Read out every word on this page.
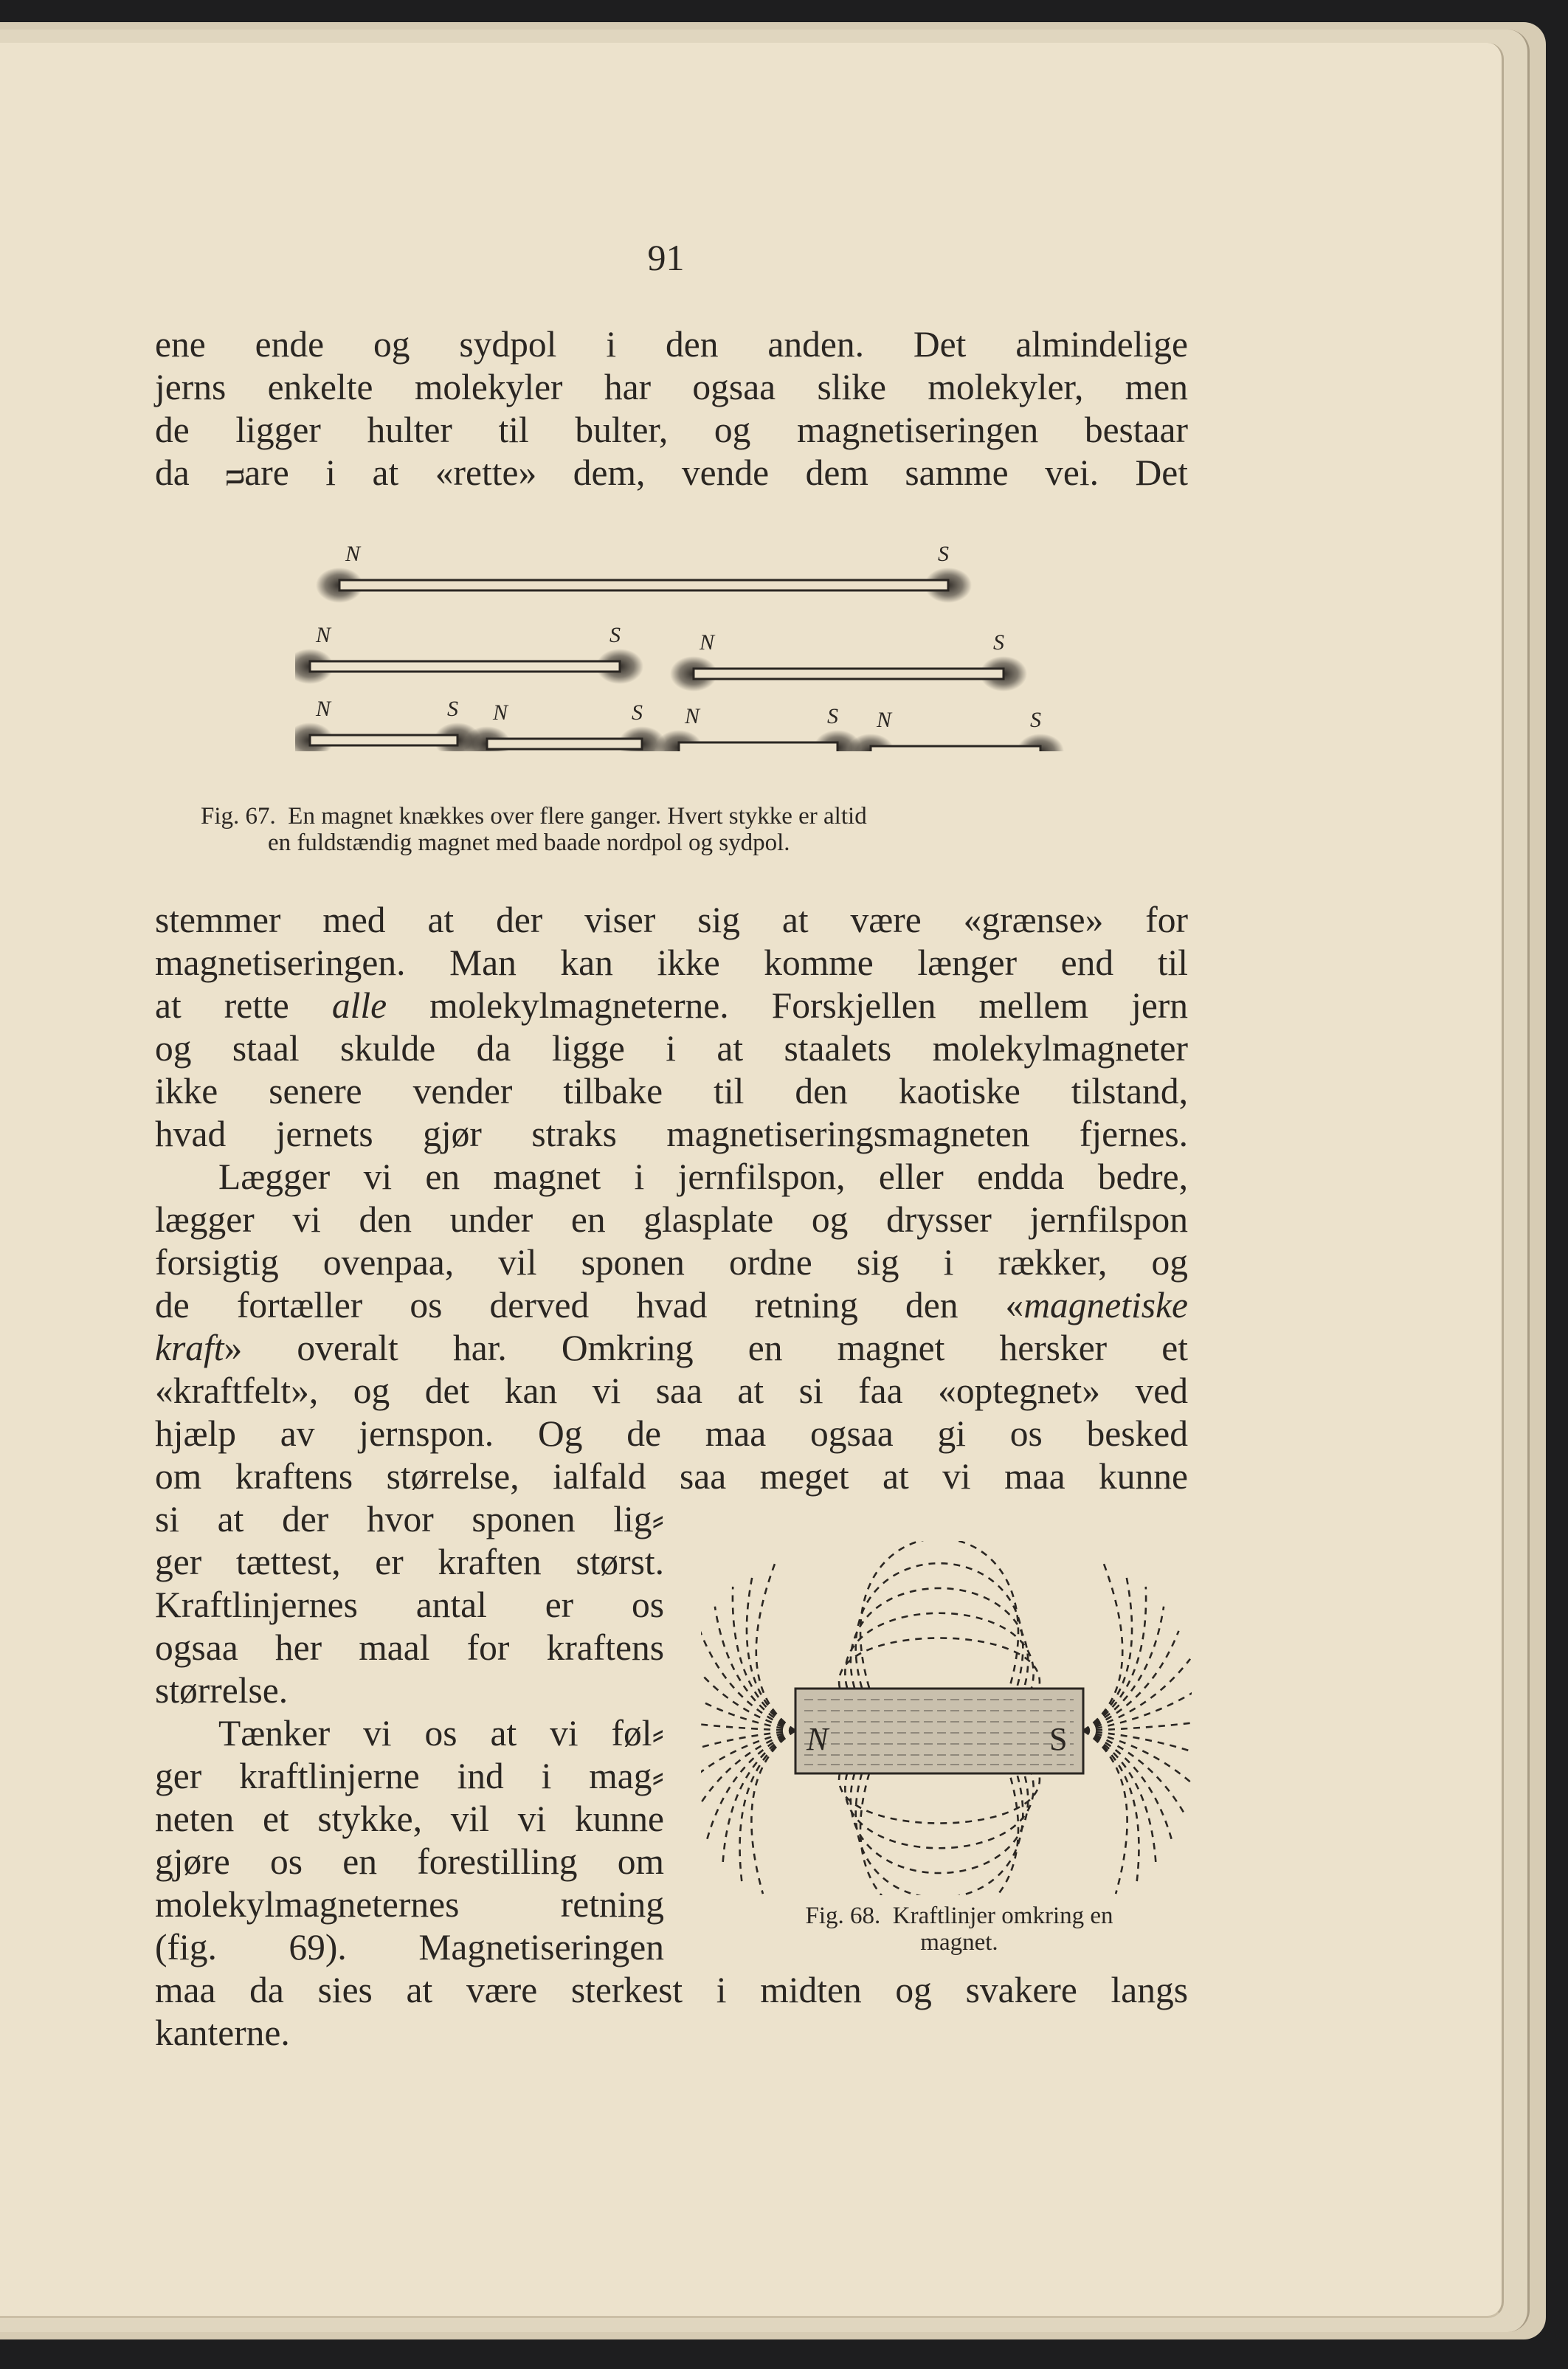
91
ene ende og sydpol i den anden. Det almindelige
jerns enkelte molekyler har ogsaa slike molekyler, men
de ligger hulter til bulter, og magnetiseringen bestaar
da ᴝare i at «rette» dem, vende dem samme vei. Det
N	S
N	S	N	S
N	S N	S N	S N	S
Fig. 67. En magnet knækkes over flere ganger. Hvert stykke er altid
en fuldstændig magnet med baade nordpol og sydpol.
stemmer med at der viser sig at være «grænse» for
magnetiseringen. Man kan ikke komme længer end til
at rette alle molekylmagneterne. Forskjellen mellem jern
og staal skulde da ligge i at staalets molekylmagneter
ikke senere vender tilbake til den kaotiske tilstand,
hvad jernets gjør straks magnetiseringsmagneten fjernes.
Lægger vi en magnet i jernfilspon, eller endda bedre,
lægger vi den under en glasplate og drysser jernfilspon
forsigtig ovenpaa, vil sponen ordne sig i rækker, og
de fortæller os derved hvad retning den «magnetiske
kraft» overalt har. Omkring en magnet hersker et
«kraftfelt», og det kan vi saa at si faa «optegnet» ved
hjælp av jernspon. Og de maa ogsaa gi os besked
om kraftens størrelse, ialfald saa meget at vi maa kunne
si at der hvor sponen lig⸗
ger tættest, er kraften størst.
Kraftlinjernes antal er os
ogsaa her maal for kraftens
størrelse.
Tænker vi os at vi føl⸗
ger kraftlinjerne ind i mag⸗
neten et stykke, vil vi kunne
gjøre os en forestilling om
molekylmagneternes retning
(fig. 69). Magnetiseringen
N	S
Fig. 68. Kraftlinjer omkring en
magnet.
maa da sies at være sterkest i midten og svakere langs
kanterne.
